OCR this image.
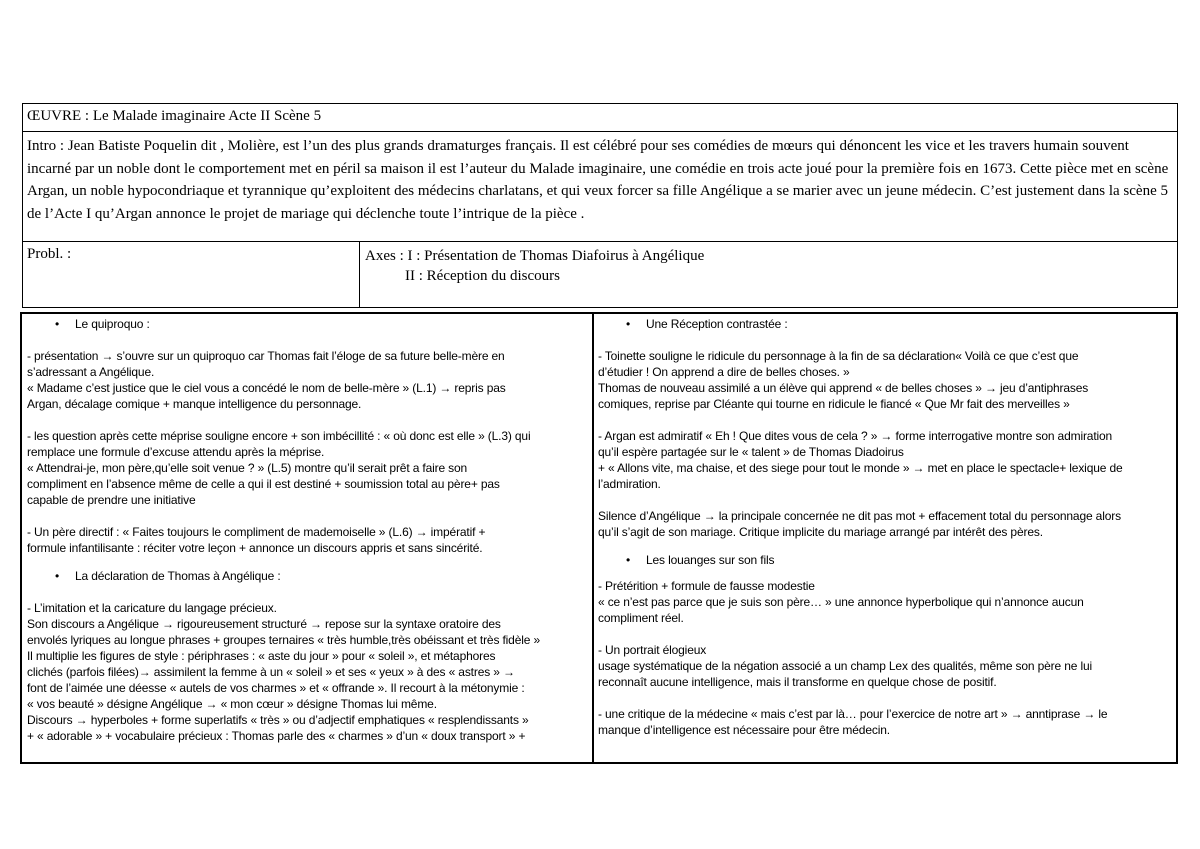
ŒUVRE : Le Malade imaginaire Acte II Scène 5
Intro : Jean Batiste Poquelin dit , Molière, est l’un des plus grands dramaturges français. Il est célébré pour ses comédies de mœurs qui dénoncent les vice et les travers humain souvent incarné par un noble dont le comportement met en péril sa maison il est l’auteur du Malade imaginaire, une comédie en trois acte joué pour la première fois en 1673. Cette pièce met en scène Argan, un noble hypocondriaque et tyrannique qu’exploitent des médecins charlatans, et qui veux forcer sa fille Angélique a se marier avec un jeune médecin. C’est justement dans la scène 5 de l’Acte I qu’Argan annonce le projet de mariage qui déclenche toute l’intrique de la pièce .
Probl. :	Axes : I : Présentation de Thomas Diafoirus à Angélique
II : Réception du discours
• Le quiproquo :

- présentation → s’ouvre sur un quiproquo car Thomas fait l’éloge de sa future belle-mère en

s’adressant a Angélique.

« Madame c’est justice que le ciel vous a concédé le nom de belle-mère » (L.1) → repris pas

Argan, décalage comique + manque intelligence du personnage.

- les question après cette méprise souligne encore + son imbécillité : « où donc est elle » (L.3) qui

remplace une formule d’excuse attendu après la méprise.

« Attendrai-je, mon père,qu’elle soit venue ? » (L.5) montre qu’il serait prêt a faire son

compliment en l’absence même de celle a qui il est destiné + soumission total au père+ pas

capable de prendre une initiative

- Un père directif : « Faites toujours le compliment de mademoiselle » (L.6) → impératif +

formule infantilisante : réciter votre leçon + annonce un discours appris et sans sincérité.

• La déclaration de Thomas à Angélique :

- L’imitation et la caricature du langage précieux.

Son discours a Angélique → rigoureusement structuré → repose sur la syntaxe oratoire des

envolés lyriques au longue phrases + groupes ternaires « très humble,très obéissant et très fidèle »

Il multiplie les figures de style : périphrases : « aste du jour » pour « soleil », et métaphores

clichés (parfois filées)→ assimilent la femme à un « soleil » et ses « yeux » à des « astres » →

font de l’aimée une déesse « autels de vos charmes » et « offrande ». Il recourt à la métonymie :

« vos beauté » désigne Angélique → « mon cœur » désigne Thomas lui même.

Discours → hyperboles + forme superlatifs « très » ou d’adjectif emphatiques « resplendissants »

+ « adorable » + vocabulaire précieux : Thomas parle des « charmes » d’un « doux transport » +

• Une Réception contrastée :

- Toinette souligne le ridicule du personnage à la fin de sa déclaration« Voilà ce que c’est que

d’étudier ! On apprend a dire de belles choses. »

Thomas de nouveau assimilé a un élève qui apprend « de belles choses » → jeu d’antiphrases

comiques, reprise par Cléante qui tourne en ridicule le fiancé « Que Mr fait des merveilles »

- Argan est admiratif « Eh ! Que dites vous de cela ? » → forme interrogative montre son admiration

qu’il espère partagée sur le « talent » de Thomas Diadoirus

+ « Allons vite, ma chaise, et des siege pour tout le monde » → met en place le spectacle+ lexique de

l’admiration.

Silence d’Angélique → la principale concernée ne dit pas mot + effacement total du personnage alors

qu’il s’agit de son mariage. Critique implicite du mariage arrangé par intérêt des pères.

• Les louanges sur son fils

- Prétérition + formule de fausse modestie

« ce n’est pas parce que je suis son père… » une annonce hyperbolique qui n’annonce aucun

compliment réel.

- Un portrait élogieux

usage systématique de la négation associé a un champ Lex des qualités, même son père ne lui

reconnaît aucune intelligence, mais il transforme en quelque chose de positif.

- une critique de la médecine « mais c’est par là… pour l’exercice de notre art » → anntiprase → le

manque d’intelligence est nécessaire pour être médecin.
